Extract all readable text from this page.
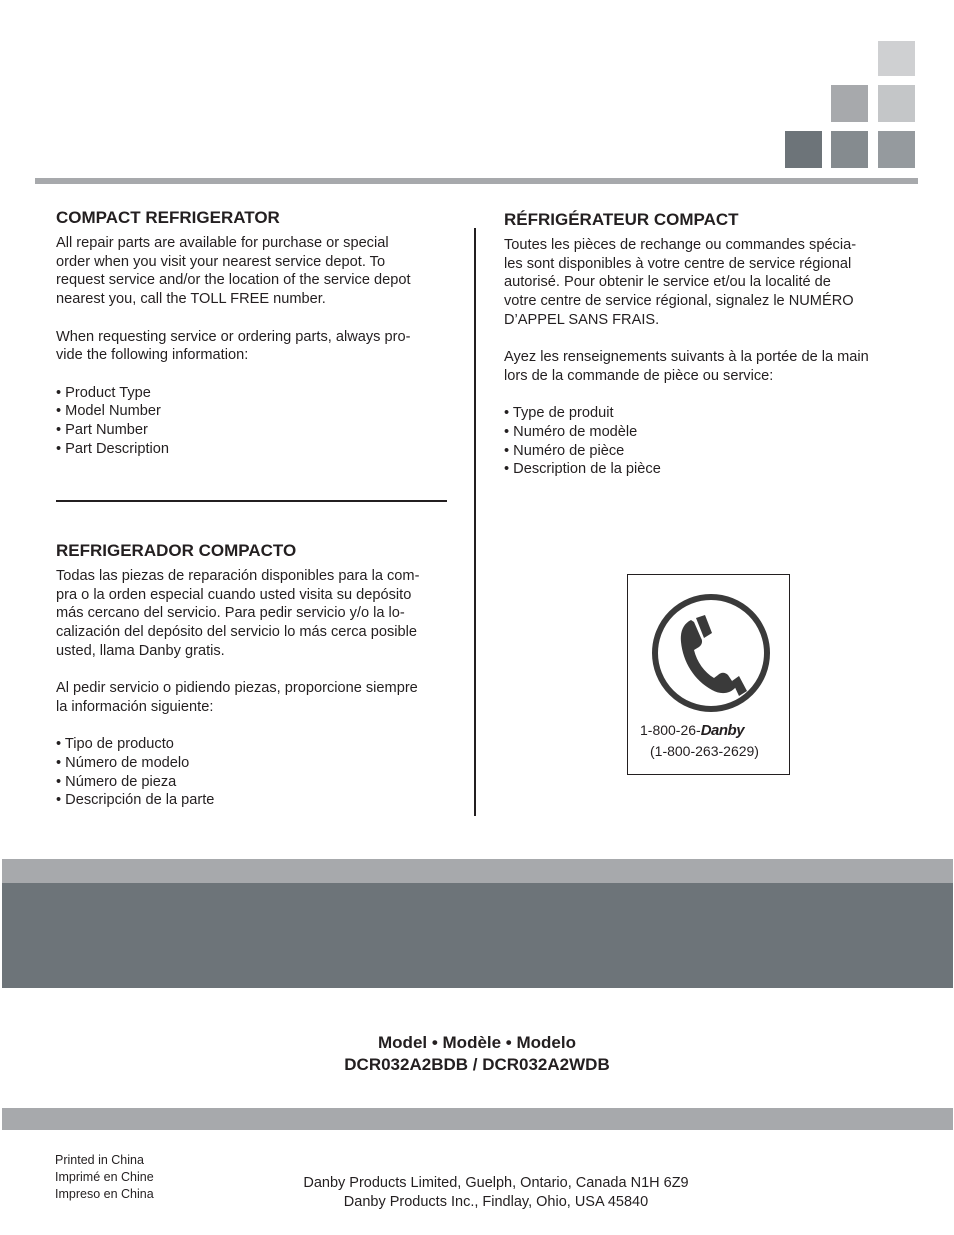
COMPACT REFRIGERATOR

All repair parts are available for purchase or special

order when you visit your nearest service depot. To

request service and/or the location of the service depot

nearest you, call the TOLL FREE number.

When requesting service or ordering parts, always pro-

vide the following information:

• Product Type
• Model Number
• Part Number
• Part Description
REFRIGERADOR COMPACTO

Todas las piezas de reparación disponibles para la com-

pra o la orden especial cuando usted visita su depósito

más cercano del servicio. Para pedir servicio y/o la lo-

calización del depósito del servicio lo más cerca posible

usted, llama Danby gratis.

Al pedir servicio o pidiendo piezas, proporcione siempre

la información siguiente:

• Tipo de producto
• Número de modelo
• Número de pieza
• Descripción de la parte
RÉFRIGÉRATEUR COMPACT

Toutes les pièces de rechange ou commandes spécia-

les sont disponibles à votre centre de service régional

autorisé. Pour obtenir le service et/ou la localité de

votre centre de service régional, signalez le NUMÉRO

D’APPEL SANS FRAIS.

Ayez les renseignements suivants à la portée de la main

lors de la commande de pièce ou service:

• Type de produit
• Numéro de modèle
• Numéro de pièce
• Description de la pièce
1-800-26-Danby
(1-800-263-2629)
Model • Modèle • Modelo
DCR032A2BDB / DCR032A2WDB
Printed in China
Imprimé en Chine
Impreso en China
Danby Products Limited, Guelph, Ontario, Canada N1H 6Z9
Danby Products Inc., Findlay, Ohio, USA 45840
